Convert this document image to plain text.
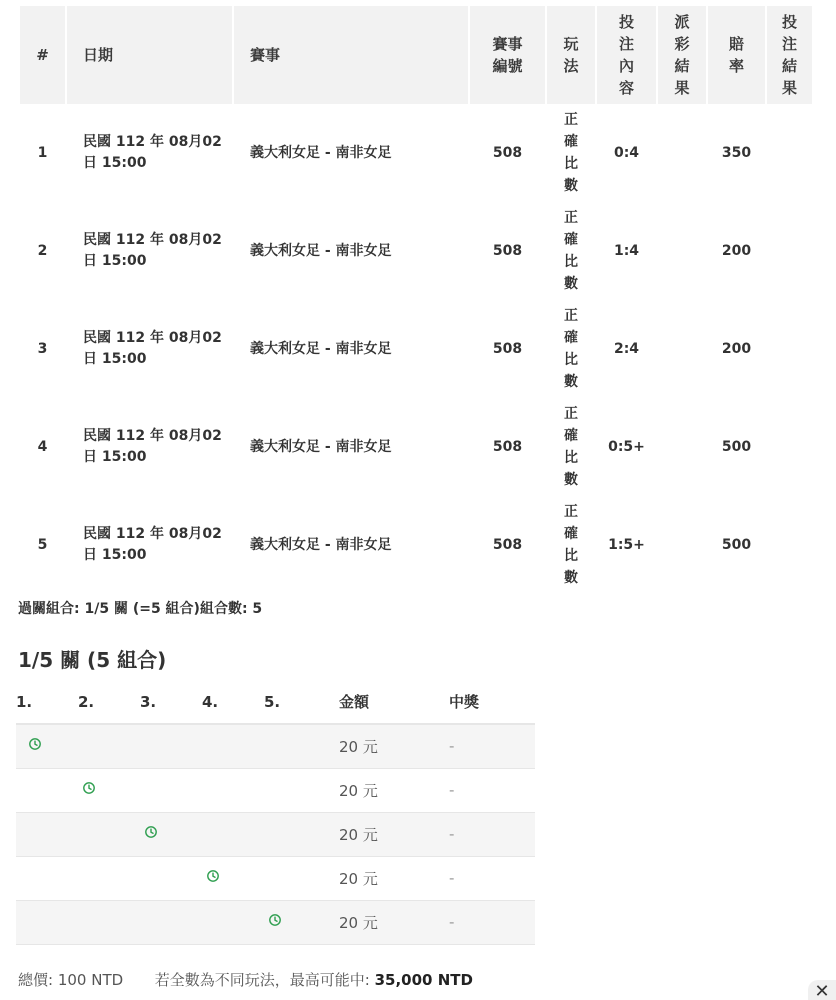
#	日期	賽事	賽事編號	玩法	投注內容	派彩結果	賠率	投注結果
1	民國 112 年 08月02日 15:00	義大利女足 - 南非女足	508	正確比數	0:4		350	
2	民國 112 年 08月02日 15:00	義大利女足 - 南非女足	508	正確比數	1:4		200	
3	民國 112 年 08月02日 15:00	義大利女足 - 南非女足	508	正確比數	2:4		200	
4	民國 112 年 08月02日 15:00	義大利女足 - 南非女足	508	正確比數	0:5+		500	
5	民國 112 年 08月02日 15:00	義大利女足 - 南非女足	508	正確比數	1:5+		500	
過關組合: 1/5 關 (=5 組合)組合數: 5
1/5 關 (5 組合)
1.	2.	3.	4.	5.	金額	中獎
					20 元	-
					20 元	-
					20 元	-
					20 元	-
					20 元	-
總價: 100 NTD 若全數為不同玩法，最高可能中: 35,000 NTD
✕
